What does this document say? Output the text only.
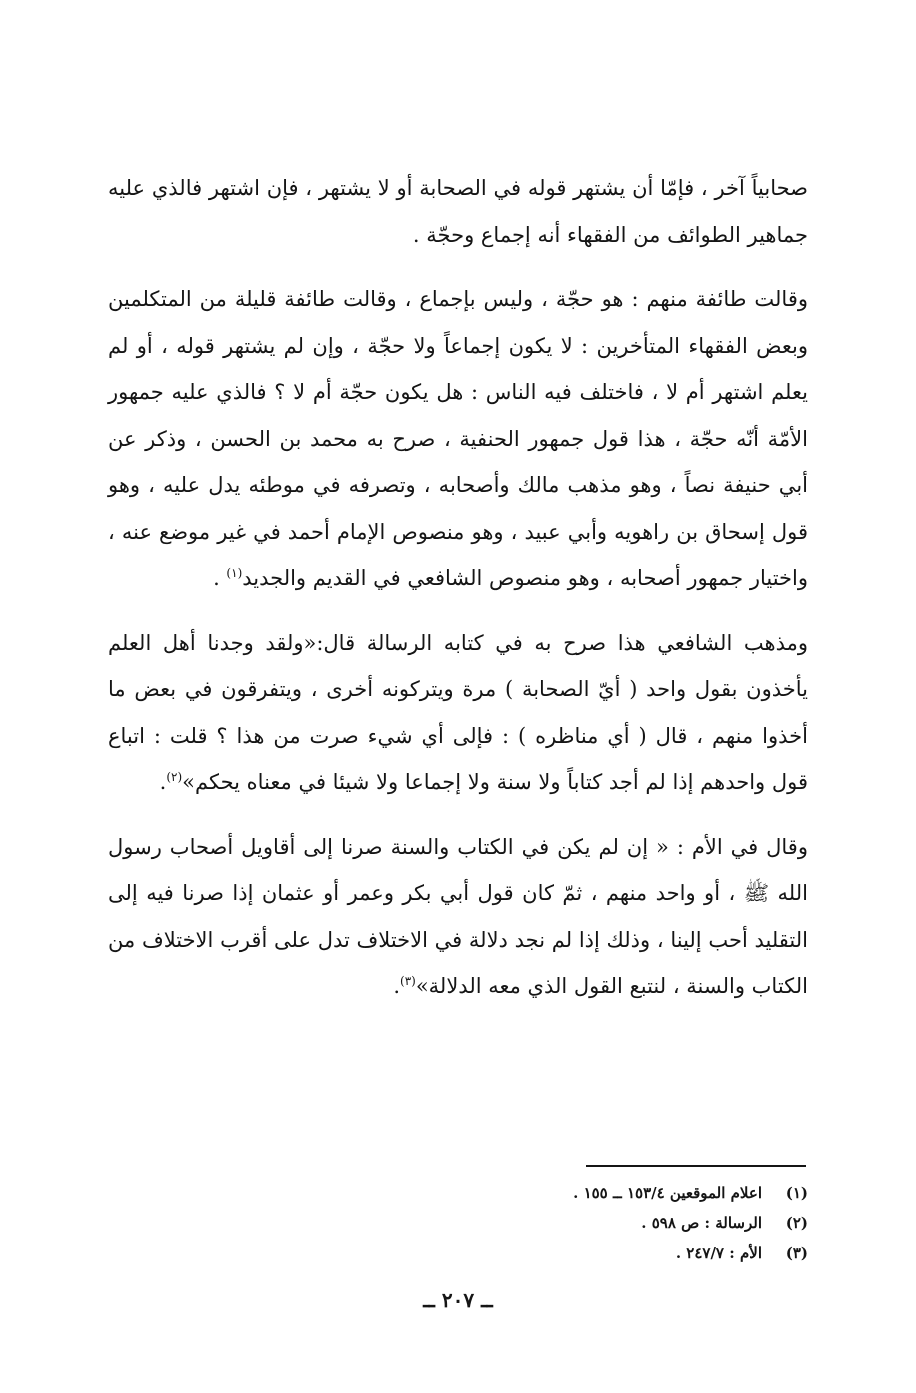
صحابياً آخر ، فإمّا أن يشتهر قوله في الصحابة أو لا يشتهر ، فإن اشتهر فالذي عليه جماهير الطوائف من الفقهاء أنه إجماع وحجّة .

وقالت طائفة منهم : هو حجّة ، وليس بإجماع ، وقالت طائفة قليلة من المتكلمين وبعض الفقهاء المتأخرين : لا يكون إجماعاً ولا حجّة ، وإن لم يشتهر قوله ، أو لم يعلم اشتهر أم لا ، فاختلف فيه الناس : هل يكون حجّة أم لا ؟ فالذي عليه جمهور الأمّة أنّه حجّة ، هذا قول جمهور الحنفية ، صرح به محمد بن الحسن ، وذكر عن أبي حنيفة نصاً ، وهو مذهب مالك وأصحابه ، وتصرفه في موطئه يدل عليه ، وهو قول إسحاق بن راهويه وأبي عبيد ، وهو منصوص الإمام أحمد في غير موضع عنه ، واختيار جمهور أصحابه ، وهو منصوص الشافعي في القديم والجديد$^{(١)}$ .

ومذهب الشافعي هذا صرح به في كتابه الرسالة قال:«ولقد وجدنا أهل العلم يأخذون بقول واحد ( أيّ الصحابة ) مرة ويتركونه أخرى ، ويتفرقون في بعض ما أخذوا منهم ، قال ( أي مناظره ) : فإلى أي شيء صرت من هذا ؟ قلت : اتباع قول واحدهم إذا لم أجد كتاباً ولا سنة ولا إجماعا ولا شيئا في معناه يحكم»$^{(٢)}$.

وقال في الأم : « إن لم يكن في الكتاب والسنة صرنا إلى أقاويل أصحاب رسول الله ﷺ ، أو واحد منهم ، ثمّ كان قول أبي بكر وعمر أو عثمان إذا صرنا فيه إلى التقليد أحب إلينا ، وذلك إذا لم نجد دلالة في الاختلاف تدل على أقرب الاختلاف من الكتاب والسنة ، لنتبع القول الذي معه الدلالة»$^{(٣)}$.

(١)اعلام الموقعين ١٥٣/٤ ــ ١٥٥ .
(٢)الرسالة : ص ٥٩٨ .
(٣)الأم : ٢٤٧/٧ .
ــ ٢٠٧ ــ
